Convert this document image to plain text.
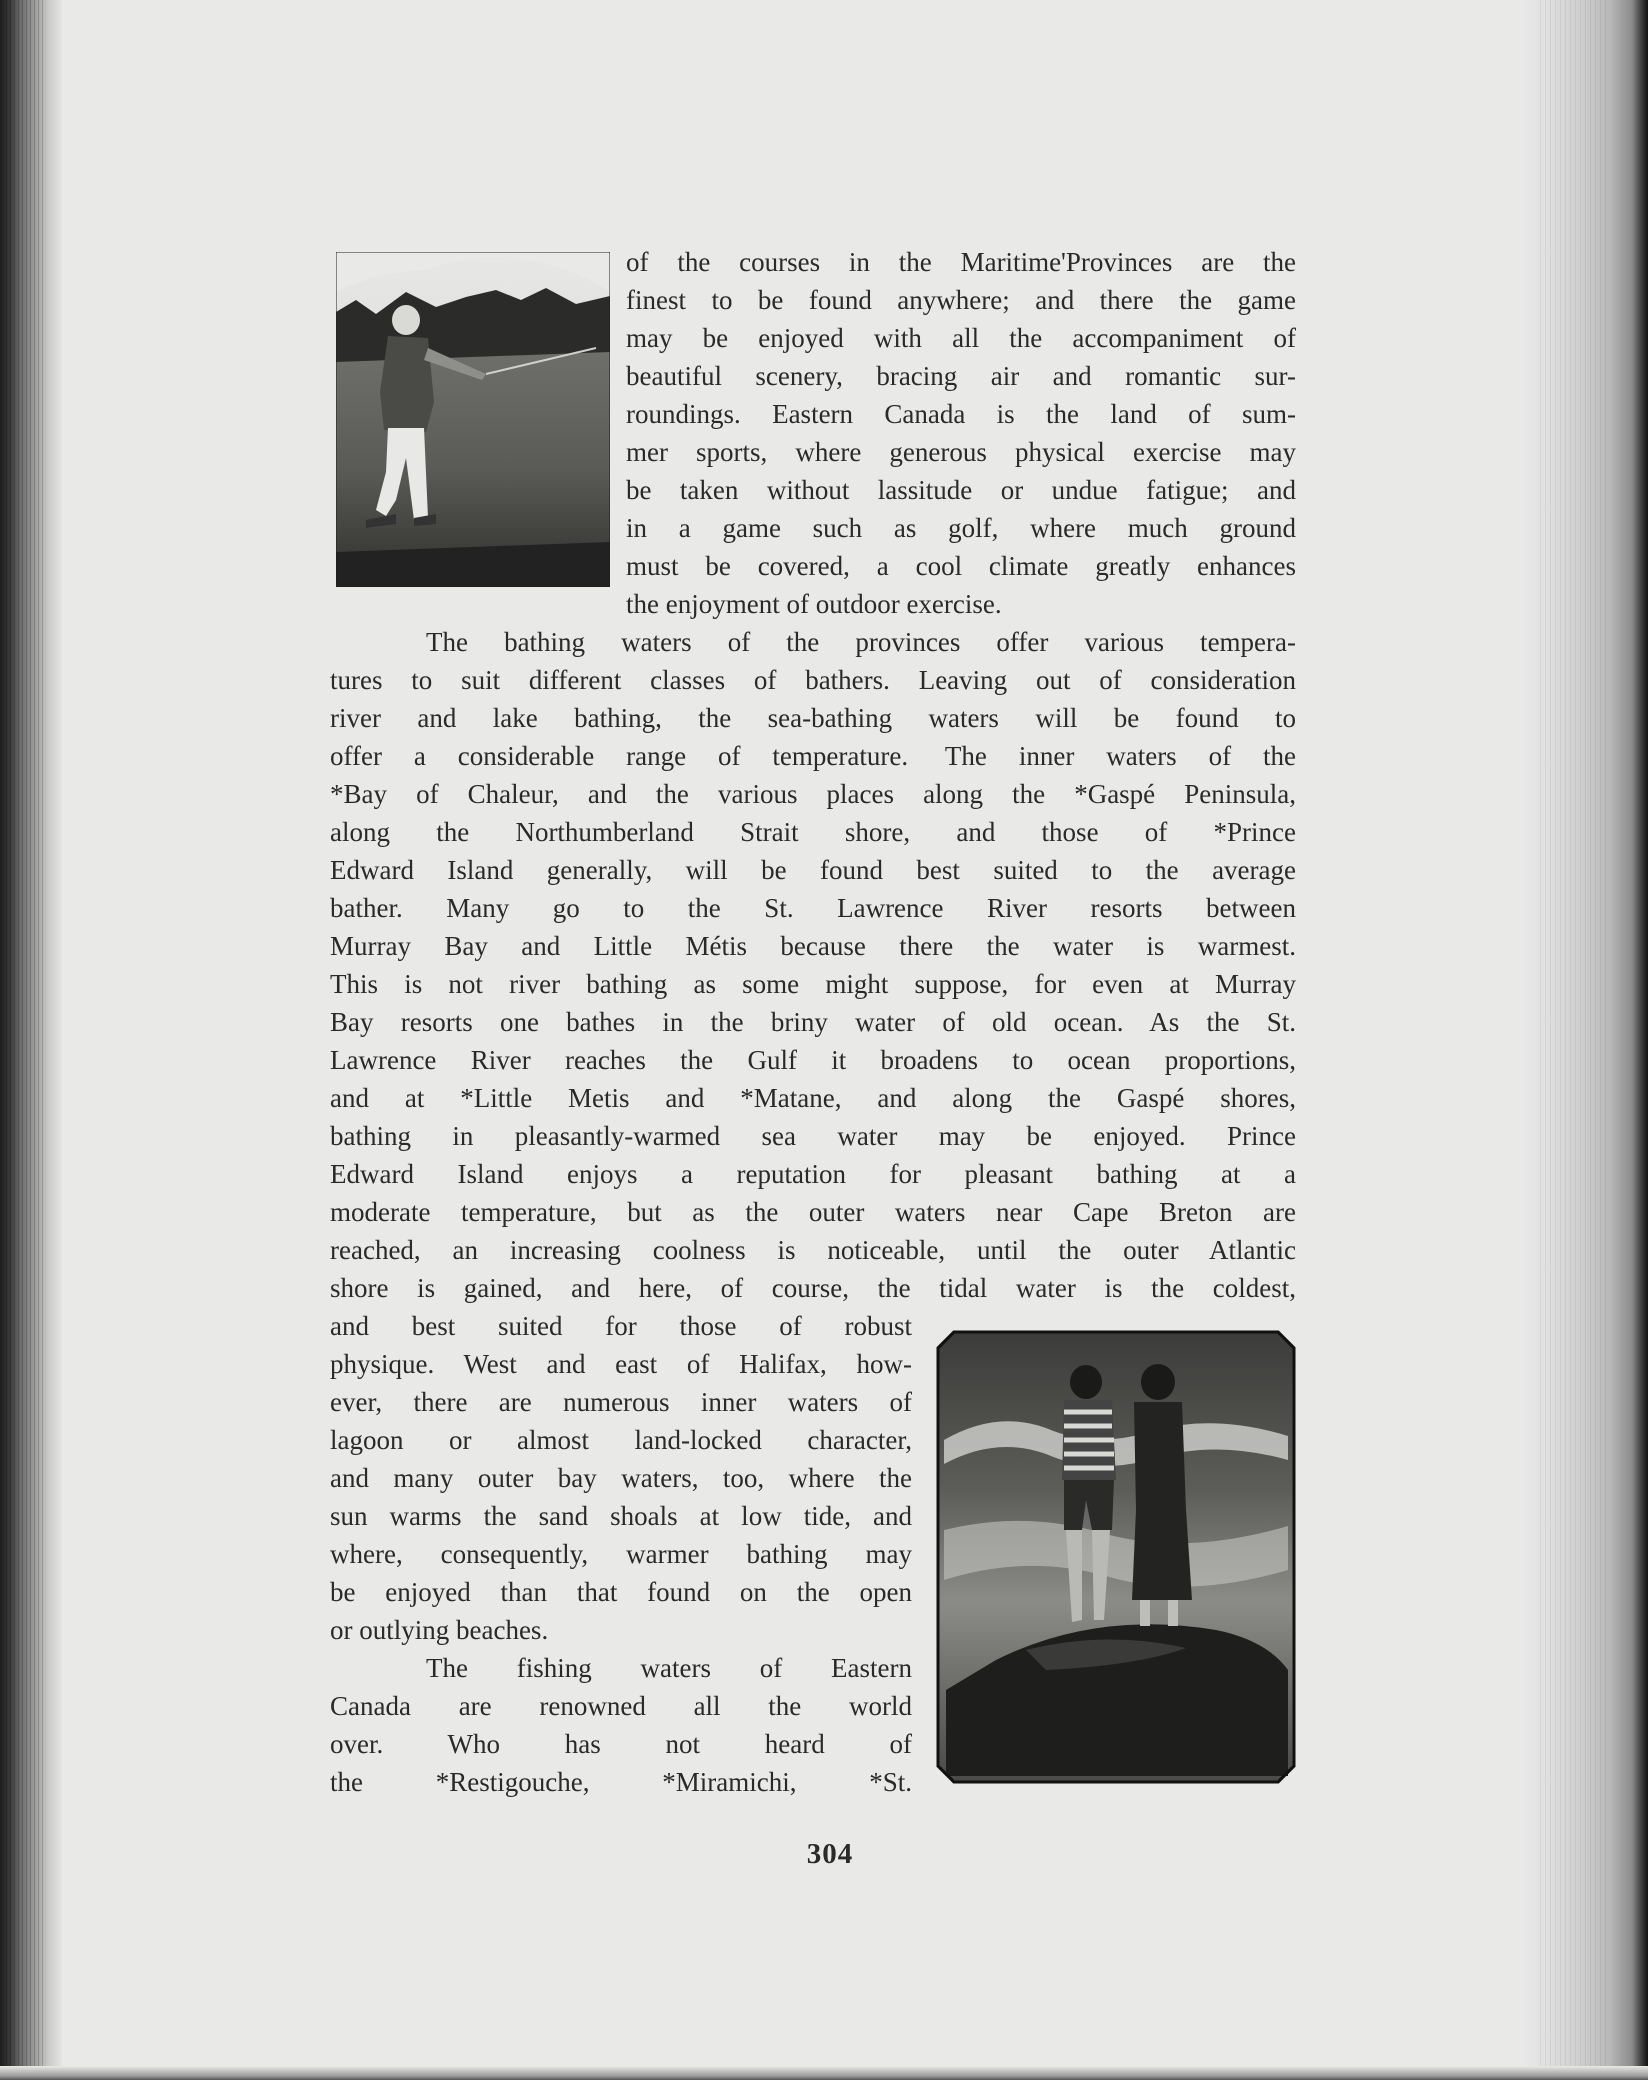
of the courses in the Maritime'Provinces are the
finest to be found anywhere; and there the game
may be enjoyed with all the accompaniment of
beautiful scenery, bracing air and romantic sur-
roundings. Eastern Canada is the land of sum-
mer sports, where generous physical exercise may
be taken without lassitude or undue fatigue; and
in a game such as golf, where much ground
must be covered, a cool climate greatly enhances
the enjoyment of outdoor exercise.
The bathing waters of the provinces offer various tempera-
tures to suit different classes of bathers. Leaving out of consideration
river and lake bathing, the sea-bathing waters will be found to
offer a considerable range of temperature.  The inner waters of the
*Bay of Chaleur, and the various places along the *Gaspé Peninsula,
along the Northumberland Strait shore, and those of *Prince
Edward Island generally, will be found best suited to the average
bather. Many go to the St. Lawrence River resorts between
Murray Bay and Little Métis because there the water is warmest.
This is not river bathing as some might suppose, for even at Murray
Bay resorts one bathes in the briny water of old ocean. As the St.
Lawrence River reaches the Gulf it broadens to ocean proportions,
and at *Little Metis and *Matane, and along the Gaspé shores,
bathing in pleasantly-warmed sea water may be enjoyed. Prince
Edward Island enjoys a reputation for pleasant bathing at a
moderate temperature, but as the outer waters near Cape Breton are
reached, an increasing coolness is noticeable, until the outer Atlantic
shore is gained, and here, of course, the tidal water is the coldest,
and best suited for those of robust
physique. West and east of Halifax, how-
ever, there are numerous inner waters of
lagoon or almost land-locked character,
and many outer bay waters, too, where the
sun warms the sand shoals at low tide, and
where, consequently, warmer bathing may
be enjoyed than that found on the open
or outlying beaches.
The fishing waters of Eastern
Canada are renowned all the world
over. Who has not heard of
the *Restigouche, *Miramichi, *St.
304
